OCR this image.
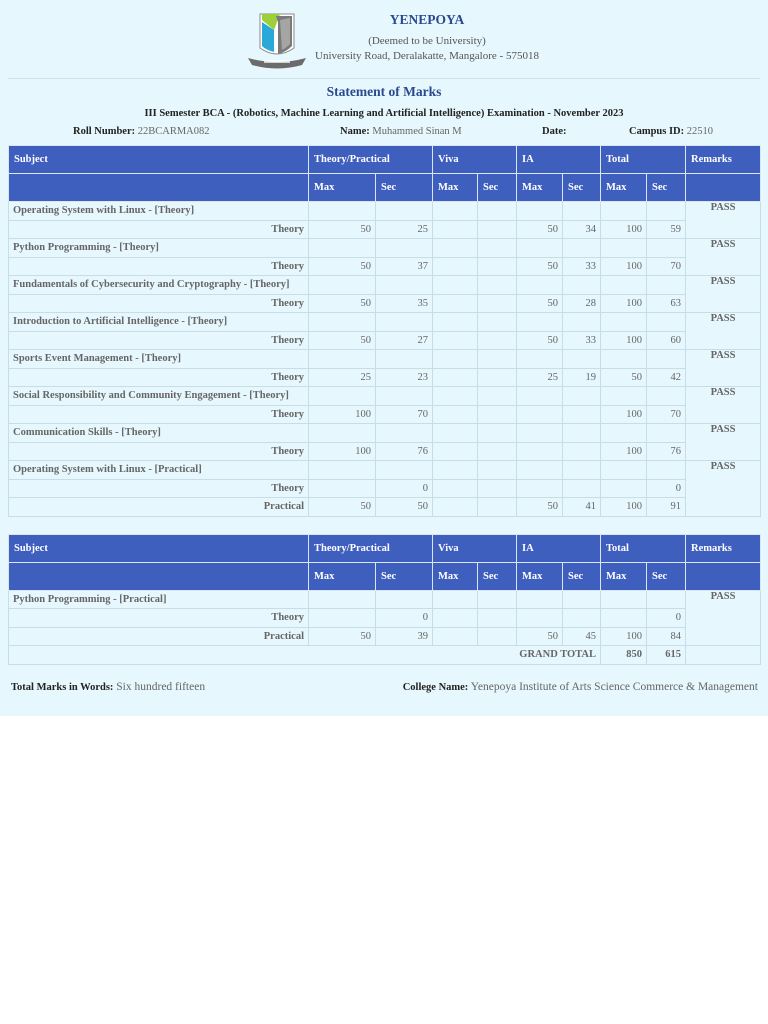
YENEPOYA
(Deemed to be University)
University Road, Deralakatte, Mangalore - 575018
Statement of Marks
III Semester BCA - (Robotics, Machine Learning and Artificial Intelligence) Examination - November 2023
Roll Number: 22BCARMA082	Name: Muhammed Sinan M	Date:	Campus ID: 22510
Subject	Theory/Practical		Viva		IA		Total		Remarks
	Max	Sec	Max	Sec	Max	Sec	Max	Sec	
Operating System with Linux - [Theory]									PASS
Theory	50	25			50	34	100	59	
Python Programming - [Theory]									PASS
Theory	50	37			50	33	100	70	
Fundamentals of Cybersecurity and Cryptography - [Theory]									PASS
Theory	50	35			50	28	100	63	
Introduction to Artificial Intelligence - [Theory]									PASS
Theory	50	27			50	33	100	60	
Sports Event Management - [Theory]									PASS
Theory	25	23			25	19	50	42	
Social Responsibility and Community Engagement - [Theory]									PASS
Theory	100	70					100	70	
Communication Skills - [Theory]									PASS
Theory	100	76					100	76	
Operating System with Linux - [Practical]									PASS
Theory		0						0	
Practical	50	50			50	41	100	91	
Subject	Theory/Practical		Viva		IA		Total		Remarks
	Max	Sec	Max	Sec	Max	Sec	Max	Sec	
Python Programming - [Practical]									PASS
Theory		0						0	
Practical	50	39			50	45	100	84	
GRAND TOTAL							850	615	
Total Marks in Words: Six hundred fifteen	College Name: Yenepoya Institute of Arts Science Commerce & Management
